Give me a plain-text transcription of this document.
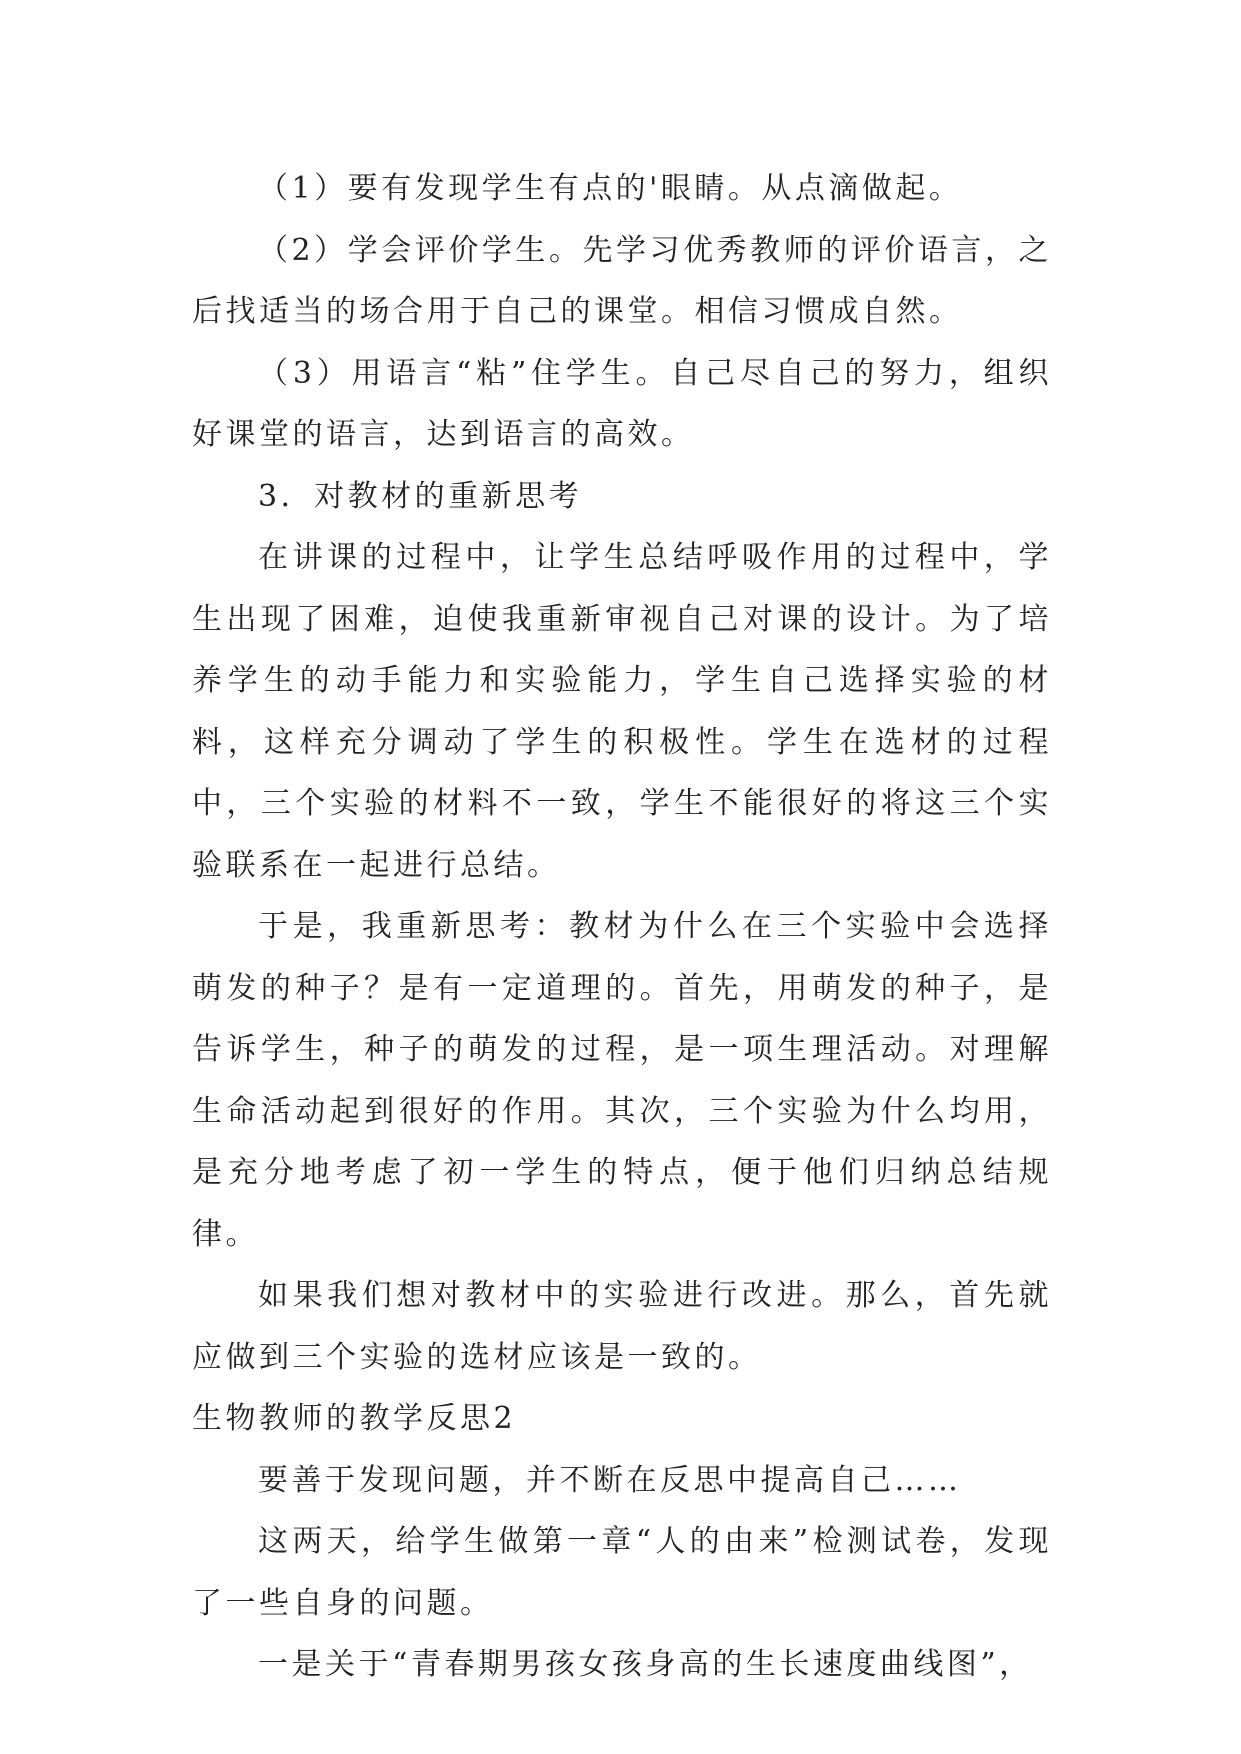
（1）要有发现学生有点的'眼睛。从点滴做起。

（2）学会评价学生。先学习优秀教师的评价语言，之后找适当的场合用于自己的课堂。相信习惯成自然。

（3）用语言“粘”住学生。自己尽自己的努力，组织好课堂的语言，达到语言的高效。

3．对教材的重新思考

在讲课的过程中，让学生总结呼吸作用的过程中，学生出现了困难，迫使我重新审视自己对课的设计。为了培养学生的动手能力和实验能力，学生自己选择实验的材料，这样充分调动了学生的积极性。学生在选材的过程中，三个实验的材料不一致，学生不能很好的将这三个实验联系在一起进行总结。

于是，我重新思考：教材为什么在三个实验中会选择萌发的种子？是有一定道理的。首先，用萌发的种子，是告诉学生，种子的萌发的过程，是一项生理活动。对理解生命活动起到很好的作用。其次，三个实验为什么均用，是充分地考虑了初一学生的特点，便于他们归纳总结规律。

如果我们想对教材中的实验进行改进。那么，首先就应做到三个实验的选材应该是一致的。

生物教师的教学反思2

要善于发现问题，并不断在反思中提高自己……

这两天，给学生做第一章“人的由来”检测试卷，发现了一些自身的问题。

一是关于“青春期男孩女孩身高的生长速度曲线图”，
